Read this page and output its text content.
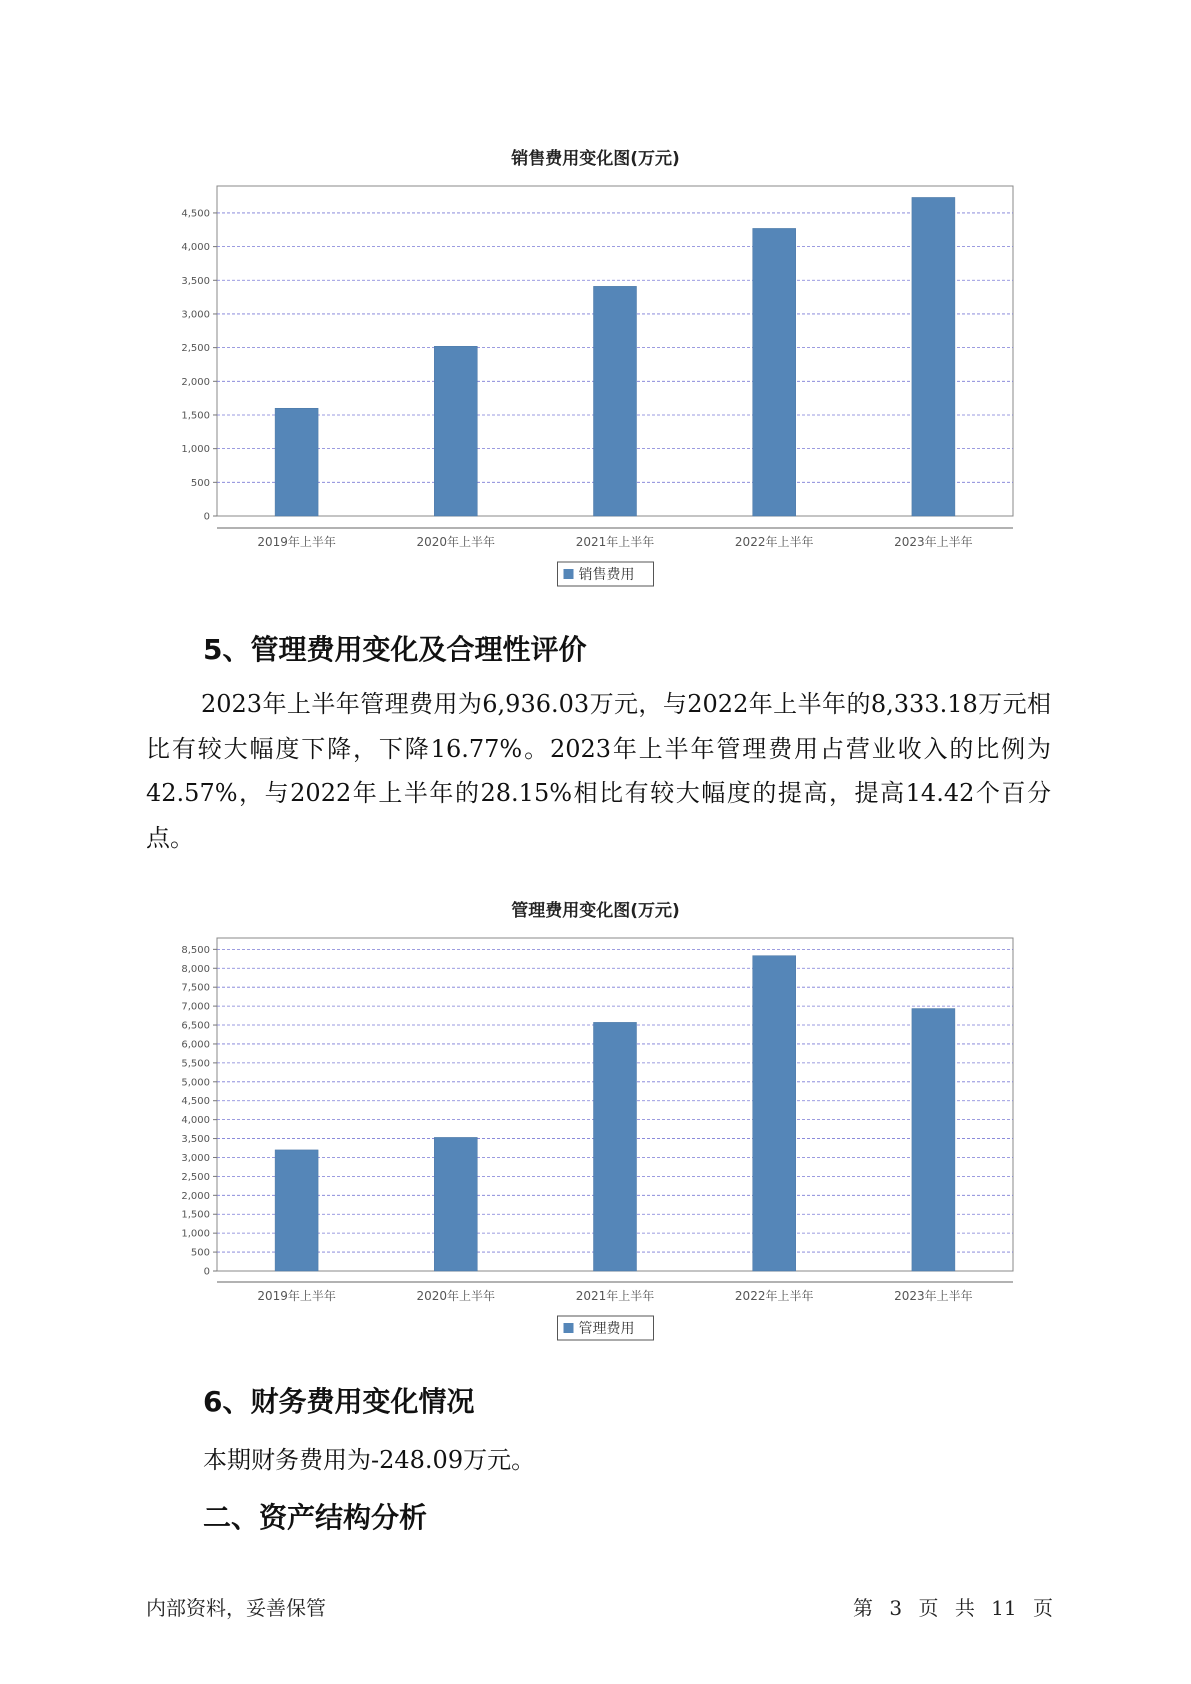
销售费用变化图(万元)
0
500
1,000
1,500
2,000
2,500
3,000
3,500
4,000
4,500
2019年上半年	2020年上半年	2021年上半年	2022年上半年	2023年上半年
销售费用
5、管理费用变化及合理性评价

2023年上半年管理费用为6,936.03万元，与2022年上半年的8,333.18万元相比有较大幅度下降，下降16.77%。2023年上半年管理费用占营业收入的比例为42.57%，与2022年上半年的28.15%相比有较大幅度的提高，提高14.42个百分点。

管理费用变化图(万元)
0
500
1,000
1,500
2,000
2,500
3,000
3,500
4,000
4,500
5,000
5,500
6,000
6,500
7,000
7,500
8,000
8,500
2019年上半年	2020年上半年	2021年上半年	2022年上半年	2023年上半年
管理费用
6、财务费用变化情况
本期财务费用为-248.09万元。
二、资产结构分析
内部资料，妥善保管	第 3 页 共 11 页
